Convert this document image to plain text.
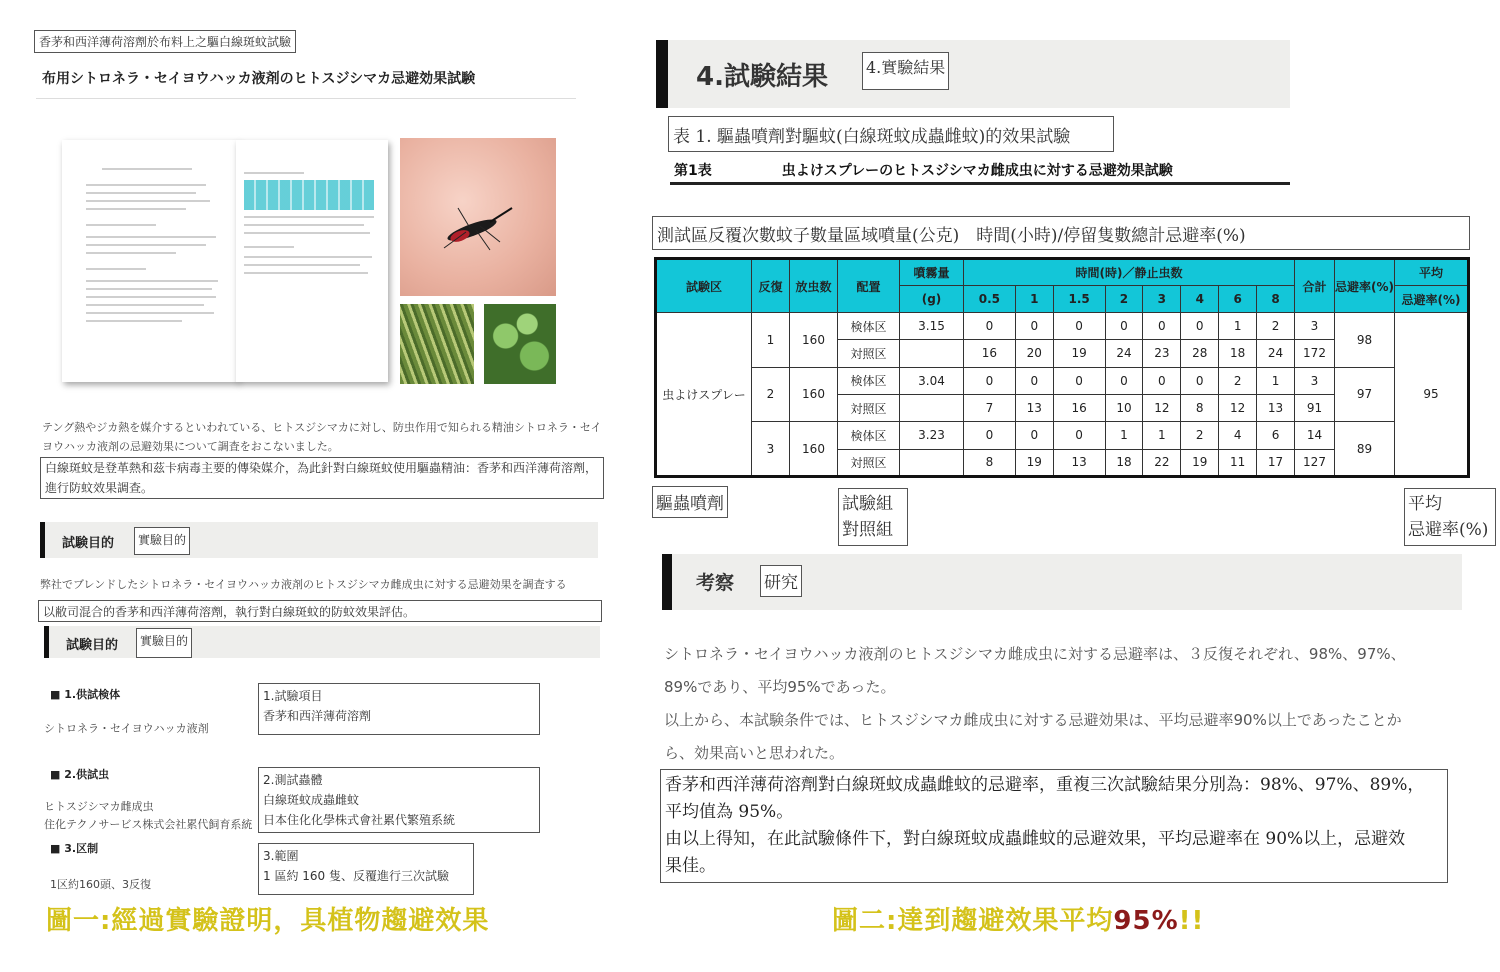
香茅和西洋薄荷溶劑於布料上之驅白線斑蚊試驗
布用シトロネラ・セイヨウハッカ液剤のヒトスジシマカ忌避効果試験
テング熱やジカ熱を媒介するといわれている、ヒトスジシマカに対し、防虫作用で知られる精油シトロネラ・セイヨウハッカ液剤の忌避効果について調査をおこないました。
白線斑蚊是登革熱和茲卡病毒主要的傳染媒介，為此針對白線斑蚊使用驅蟲精油：香茅和西洋薄荷溶劑，進行防蚊效果調查。
試験目的	實驗目的
弊社でブレンドしたシトロネラ・セイヨウハッカ液剤のヒトスジシマカ雌成虫に対する忌避効果を調査する
以敝司混合的香茅和西洋薄荷溶劑，執行對白線斑蚊的防蚊效果評估。
試験目的	實驗目的
■ 1.供試検体
シトロネラ・セイヨウハッカ液剤
1.試驗項目
香茅和西洋薄荷溶劑
■ 2.供試虫
ヒトスジシマカ雌成虫
住化テクノサービス株式会社累代飼育系統
2.測試蟲體
白線斑蚊成蟲雌蚊
日本住化化學株式會社累代繁殖系統
■ 3.区制
1区約160頭、3反復
3.範圍
1 區約 160 隻、反覆進行三次試驗
圖一:經過實驗證明，具植物趨避效果
4.試験結果 4.實驗結果
表 1. 驅蟲噴劑對驅蚊(白線斑蚊成蟲雌蚊)的效果試驗
第1表　　　　　虫よけスプレーのヒトスジシマカ雌成虫に対する忌避効果試験
測試區反覆次數蚊子數量區域噴量(公克)　時間(小時)/停留隻數總計忌避率(%)
試験区	反復	放虫数	配置	噴霧量	時間(時)／静止虫数								合計	忌避率(%)	平均
				(g)	0.5	1	1.5	2	3	4	6	8			忌避率(%)
虫よけスプレー	1	160	検体区	3.15	0	0	0	0	0	0	1	2	3	98	95
			対照区		16	20	19	24	23	28	18	24	172		
	2	160	検体区	3.04	0	0	0	0	0	0	2	1	3	97	
			対照区		7	13	16	10	12	8	12	13	91		
	3	160	検体区	3.23	0	0	0	1	1	2	4	6	14	89	
			対照区		8	19	13	18	22	19	11	17	127		
驅蟲噴劑	試驗組
對照組
平均
忌避率(%)
考察 研究
シトロネラ・セイヨウハッカ液剤のヒトスジシマカ雌成虫に対する忌避率は、３反復それぞれ、98%、97%、
89%であり、平均95%であった。
以上から、本試験条件では、ヒトスジシマカ雌成虫に対する忌避効果は、平均忌避率90%以上であったことか
ら、効果高いと思われた。
香茅和西洋薄荷溶劑對白線斑蚊成蟲雌蚊的忌避率，重複三次試驗結果分別為：98%、97%、89%，
平均值為 95%。
由以上得知，在此試驗條件下，對白線斑蚊成蟲雌蚊的忌避效果，平均忌避率在 90%以上，忌避效
果佳。
圖二:達到趨避效果平均95%!!
